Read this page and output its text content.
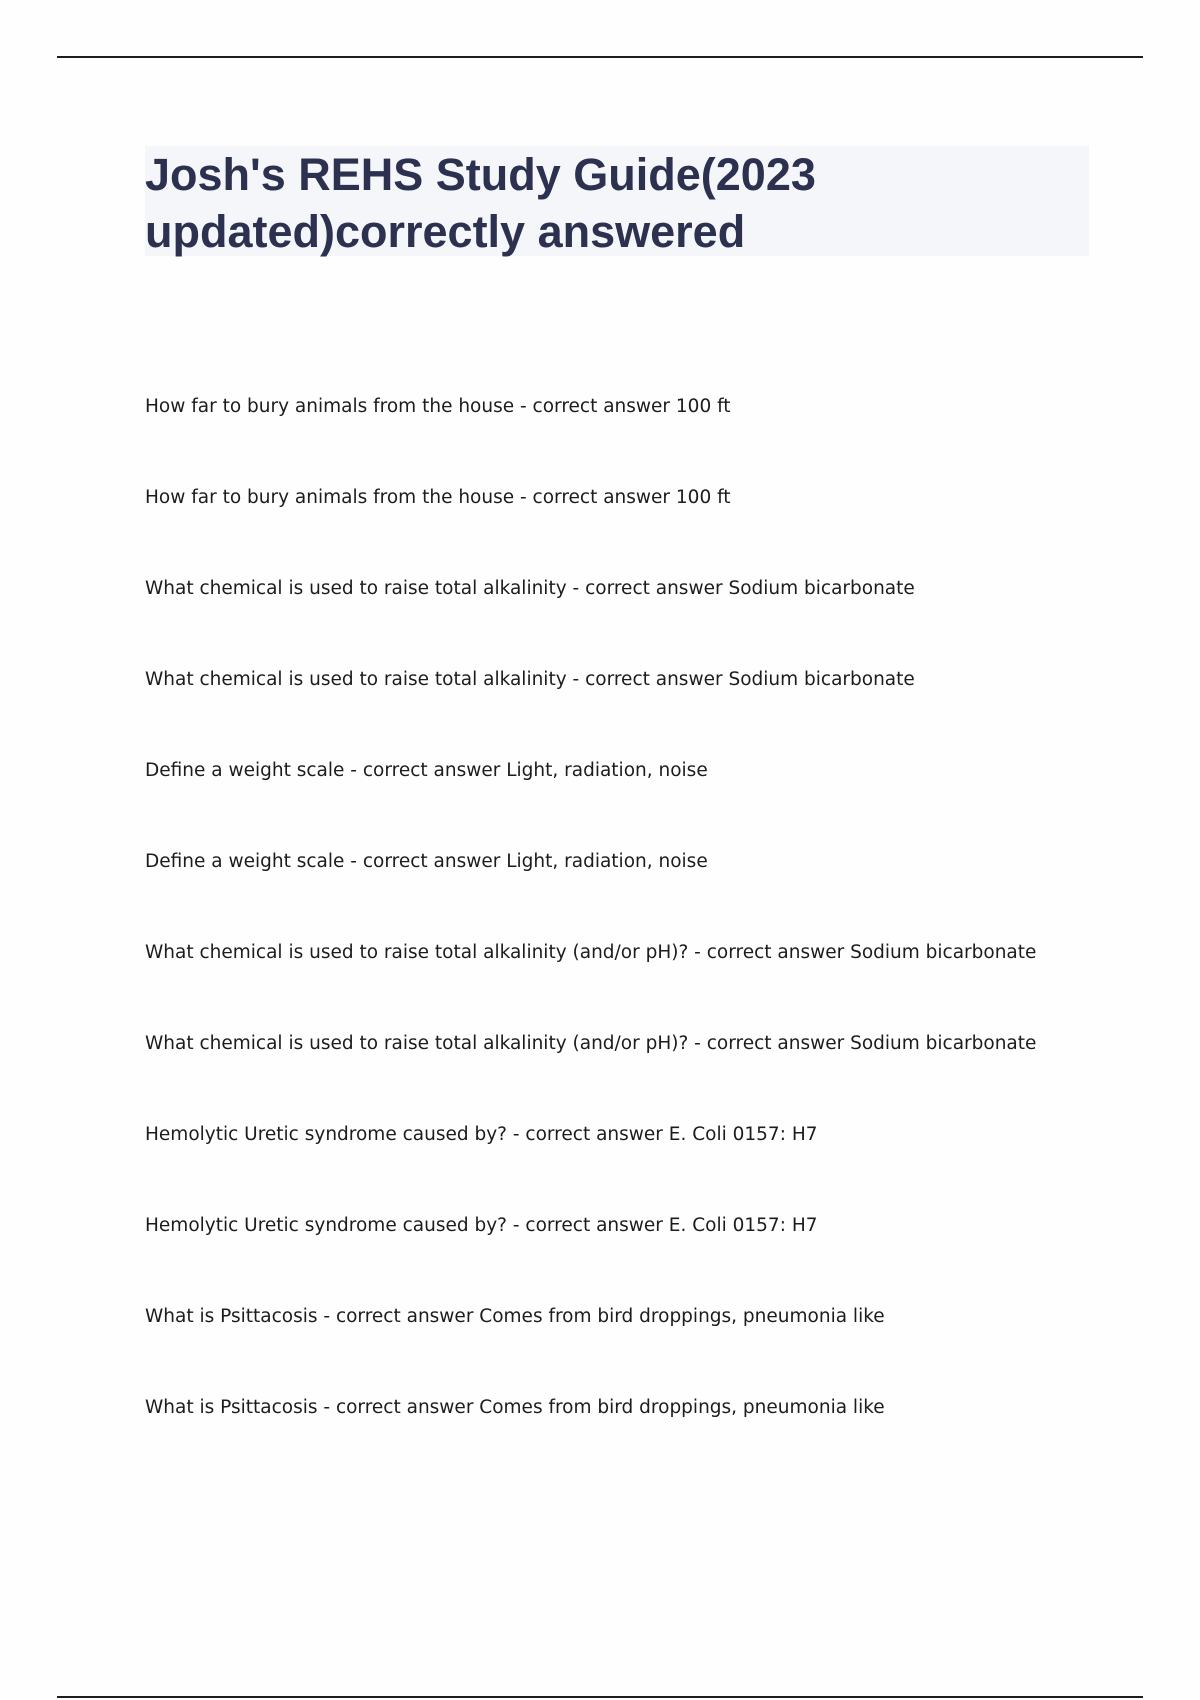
Josh's REHS Study Guide(2023 updated)correctly answered
How far to bury animals from the house - correct answer 100 ft
How far to bury animals from the house - correct answer 100 ft
What chemical is used to raise total alkalinity - correct answer Sodium bicarbonate
What chemical is used to raise total alkalinity - correct answer Sodium bicarbonate
Define a weight scale - correct answer Light, radiation, noise
Define a weight scale - correct answer Light, radiation, noise
What chemical is used to raise total alkalinity (and/or pH)? - correct answer Sodium bicarbonate
What chemical is used to raise total alkalinity (and/or pH)? - correct answer Sodium bicarbonate
Hemolytic Uretic syndrome caused by? - correct answer E. Coli 0157: H7
Hemolytic Uretic syndrome caused by? - correct answer E. Coli 0157: H7
What is Psittacosis - correct answer Comes from bird droppings, pneumonia like
What is Psittacosis - correct answer Comes from bird droppings, pneumonia like
